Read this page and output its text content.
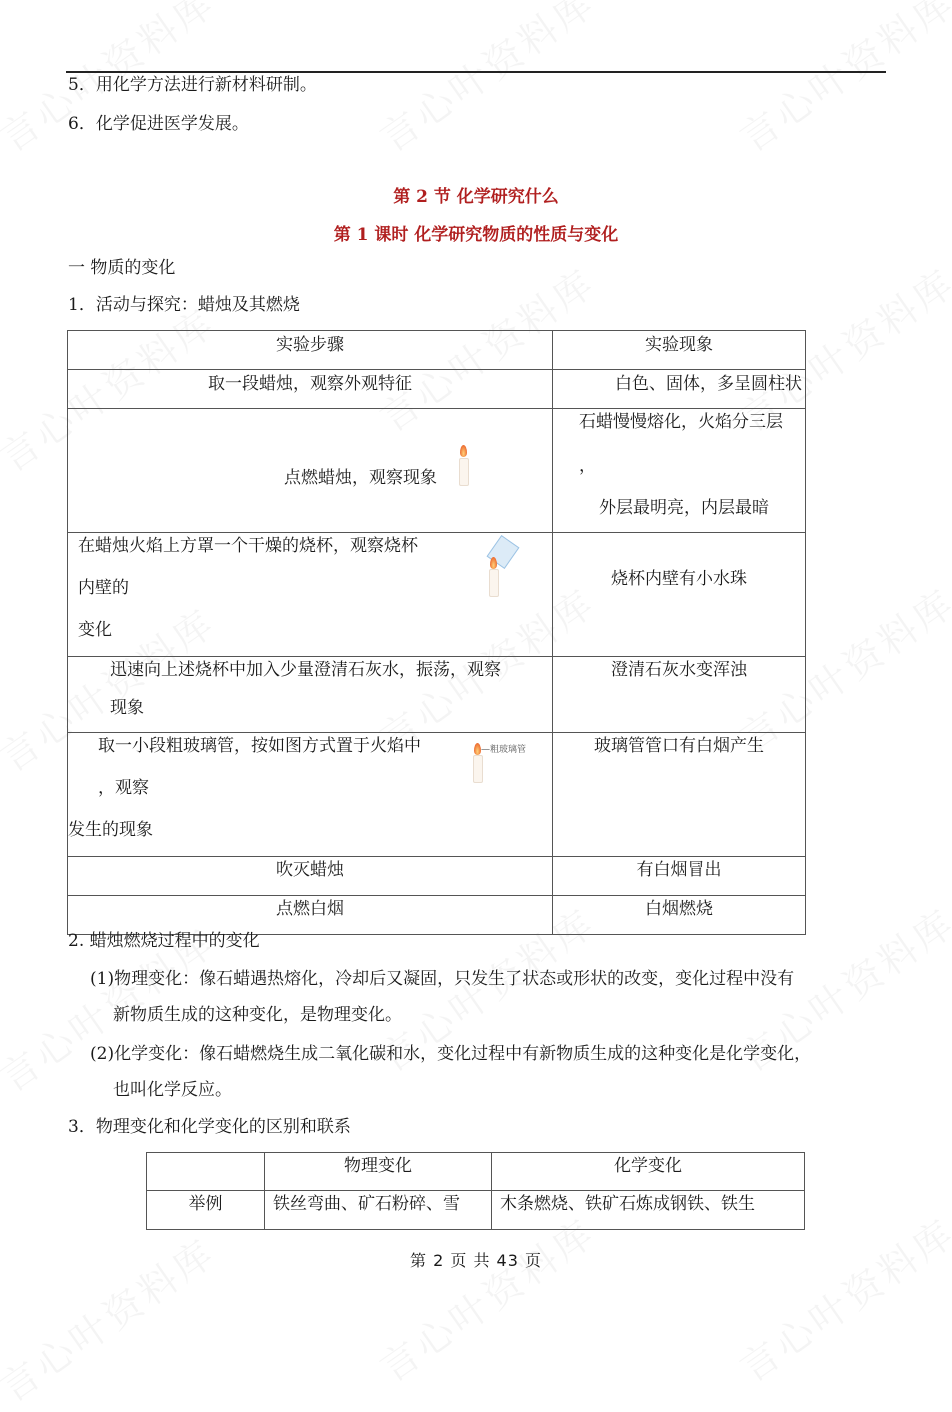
5．用化学方法进行新材料研制。
6．化学促进医学发展。
第 2 节 化学研究什么
第 1 课时 化学研究物质的性质与变化
一 物质的变化
1．活动与探究：蜡烛及其燃烧
实验步骤	实验现象

取一段蜡烛，观察外观特征	白色、固体，多呈圆柱状

点燃蜡烛，观察现象	石蜡慢慢熔化，火焰分三层
，
外层最明亮，内层最暗

在蜡烛火焰上方罩一个干燥的烧杯，观察烧杯
内壁的
变化	烧杯内壁有小水珠

迅速向上述烧杯中加入少量澄清石灰水，振荡，观察
现象	澄清石灰水变浑浊

取一小段粗玻璃管，按如图方式置于火焰中
，观察
发生的现象
—粗玻璃管	玻璃管管口有白烟产生

吹灭蜡烛	有白烟冒出

点燃白烟	白烟燃烧
2. 蜡烛燃烧过程中的变化
(1)物理变化：像石蜡遇热熔化，冷却后又凝固，只发生了状态或形状的改变，变化过程中没有
新物质生成的这种变化，是物理变化。
(2)化学变化：像石蜡燃烧生成二氧化碳和水，变化过程中有新物质生成的这种变化是化学变化，
也叫化学反应。
3．物理变化和化学变化的区别和联系

	物理变化	化学变化

举例	铁丝弯曲、矿石粉碎、雪	木条燃烧、铁矿石炼成钢铁、铁生
第 2 页 共 43 页
